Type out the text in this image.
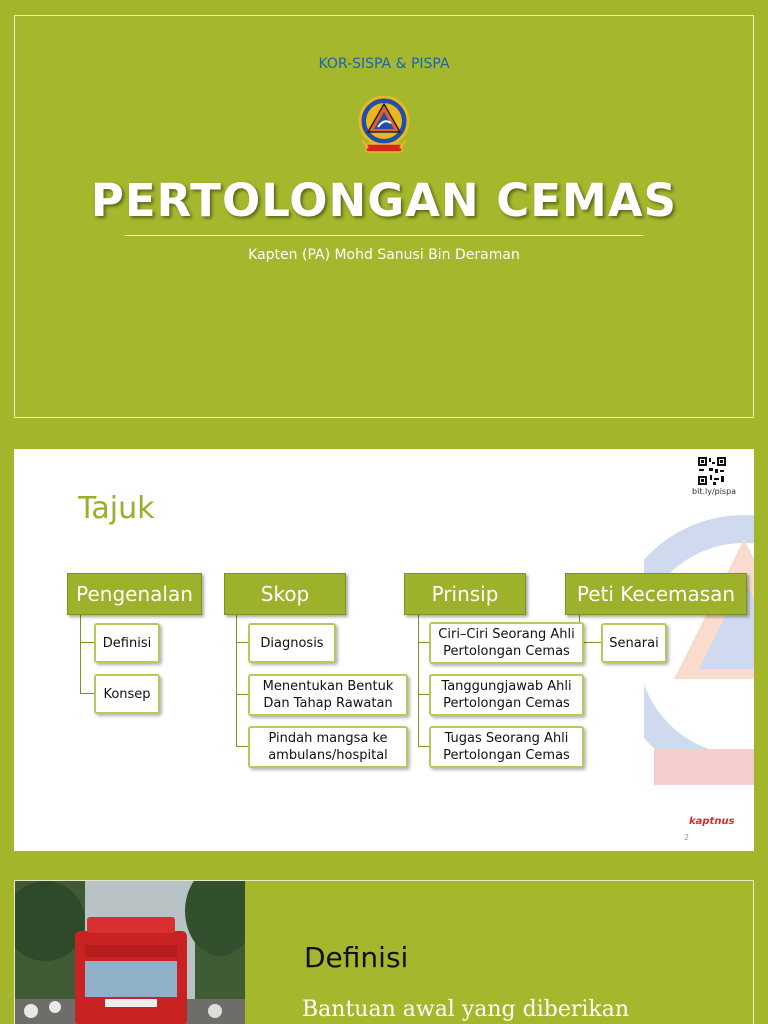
KOR-SISPA & PISPA
PERTOLONGAN CEMAS
Kapten (PA) Mohd Sanusi Bin Deraman
bit.ly/pispa
Tajuk
Pengenalan	Skop	Prinsip	Peti Kecemasan
Definisi
Konsep
Diagnosis
Menentukan Bentuk Dan Tahap Rawatan
Pindah mangsa ke ambulans/hospital
Ciri–Ciri Seorang Ahli Pertolongan Cemas
Tanggungjawab Ahli Pertolongan Cemas
Tugas Seorang Ahli Pertolongan Cemas
Senarai
kaptnus
2
Definisi
Bantuan awal yang diberikan
